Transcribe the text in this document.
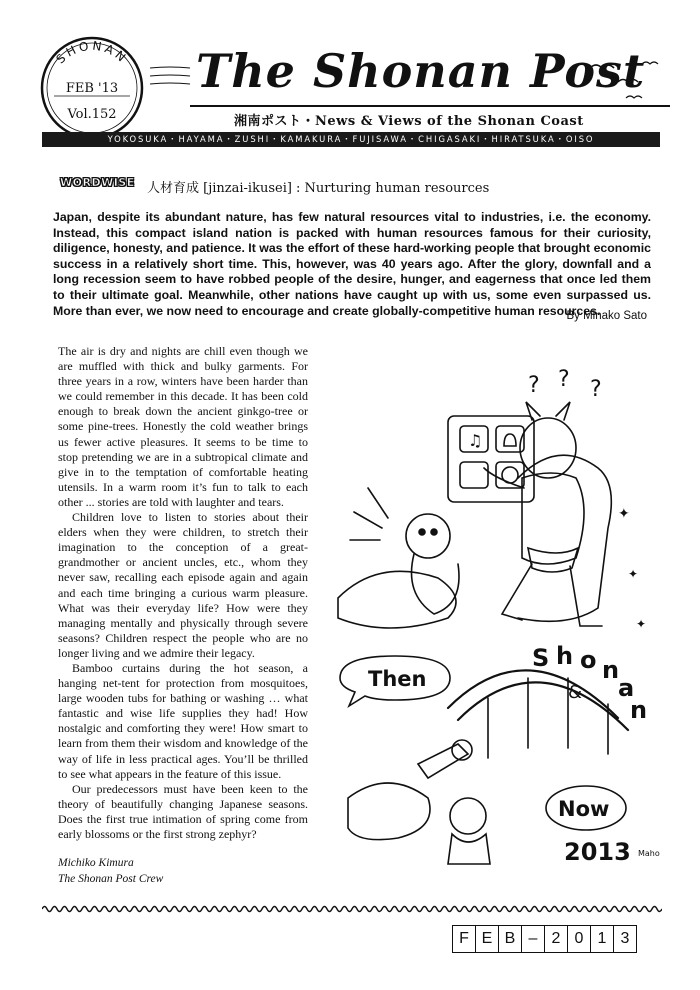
SHONAN
FEB '13
Vol.152
The Shonan Post
湘南ポスト・News & Views of the Shonan Coast
YOKOSUKA・HAYAMA・ZUSHI・KAMAKURA・FUJISAWA・CHIGASAKI・HIRATSUKA・OISO
WORDWISE 人材育成 [jinzai-ikusei] : Nurturing human resources
Japan, despite its abundant nature, has few natural resources vital to industries, i.e. the economy. Instead, this compact island nation is packed with human resources famous for their curiosity, diligence, honesty, and patience. It was the effort of these hard-working people that brought economic success in a relatively short time. This, however, was 40 years ago. After the glory, downfall and a long recession seem to have robbed people of the desire, hunger, and eagerness that once led them to their ultimate goal. Meanwhile, other nations have caught up with us, some even surpassed us. More than ever, we now need to encourage and create globally-competitive human resources.
By Minako Sato

The air is dry and nights are chill even though we are muffled with thick and bulky garments. For three years in a row, winters have been harder than we could remember in this decade. It has been cold enough to break down the ancient ginkgo-tree or some pine-trees. Honestly the cold weather brings us fewer active pleasures. It seems to be time to stop pretending we are in a subtropical climate and give in to the temptation of comfortable heating utensils. In a warm room it’s fun to talk to each other ... stories are told with laughter and tears.

Children love to listen to stories about their elders when they were children, to stretch their imagination to the conception of a great-grandmother or ancient uncles, etc., whom they never saw, recalling each episode again and again and each time bringing a curious warm pleasure. What was their everyday life? How were they managing mentally and physically through severe seasons? Children respect the people who are no longer living and we admire their legacy.

Bamboo curtains during the hot season, a hanging net-tent for protection from mosquitoes, large wooden tubs for bathing or washing … what fantastic and wise life supplies they had! How nostalgic and comforting they were! How smart to learn from them their wisdom and knowledge of the way of life in less practical ages. You’ll be thrilled to see what appears in the feature of this issue.

Our predecessors must have been keen to the theory of beautifully changing Japanese seasons. Does the first true intimation of spring come from early blossoms or the first strong zephyr?

Michiko Kimura
The Shonan Post Crew
? ? ?
♫
✦
✦
✦
Then
Now
S h o n
a
n
&
2013 Maho
F E B – 2 0 1 3
